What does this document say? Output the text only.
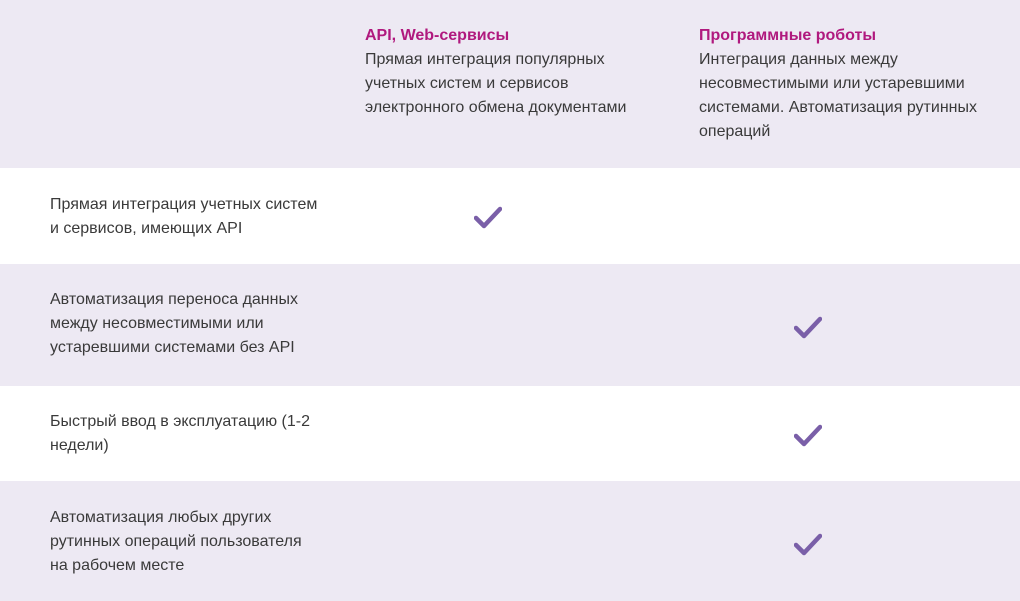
API, Web-сервисы

Прямая интеграция популярных учетных систем и сервисов электронного обмена документами

Программные роботы

Интеграция данных между несовместимыми или устаревшими системами. Автоматизация рутинных операций

Прямая интеграция учетных систем и сервисов, имеющих API
Автоматизация переноса данных между несовместимыми или устаревшими системами без API
Быстрый ввод в эксплуатацию (1-2 недели)
Автоматизация любых других рутинных операций пользователя на рабочем месте
